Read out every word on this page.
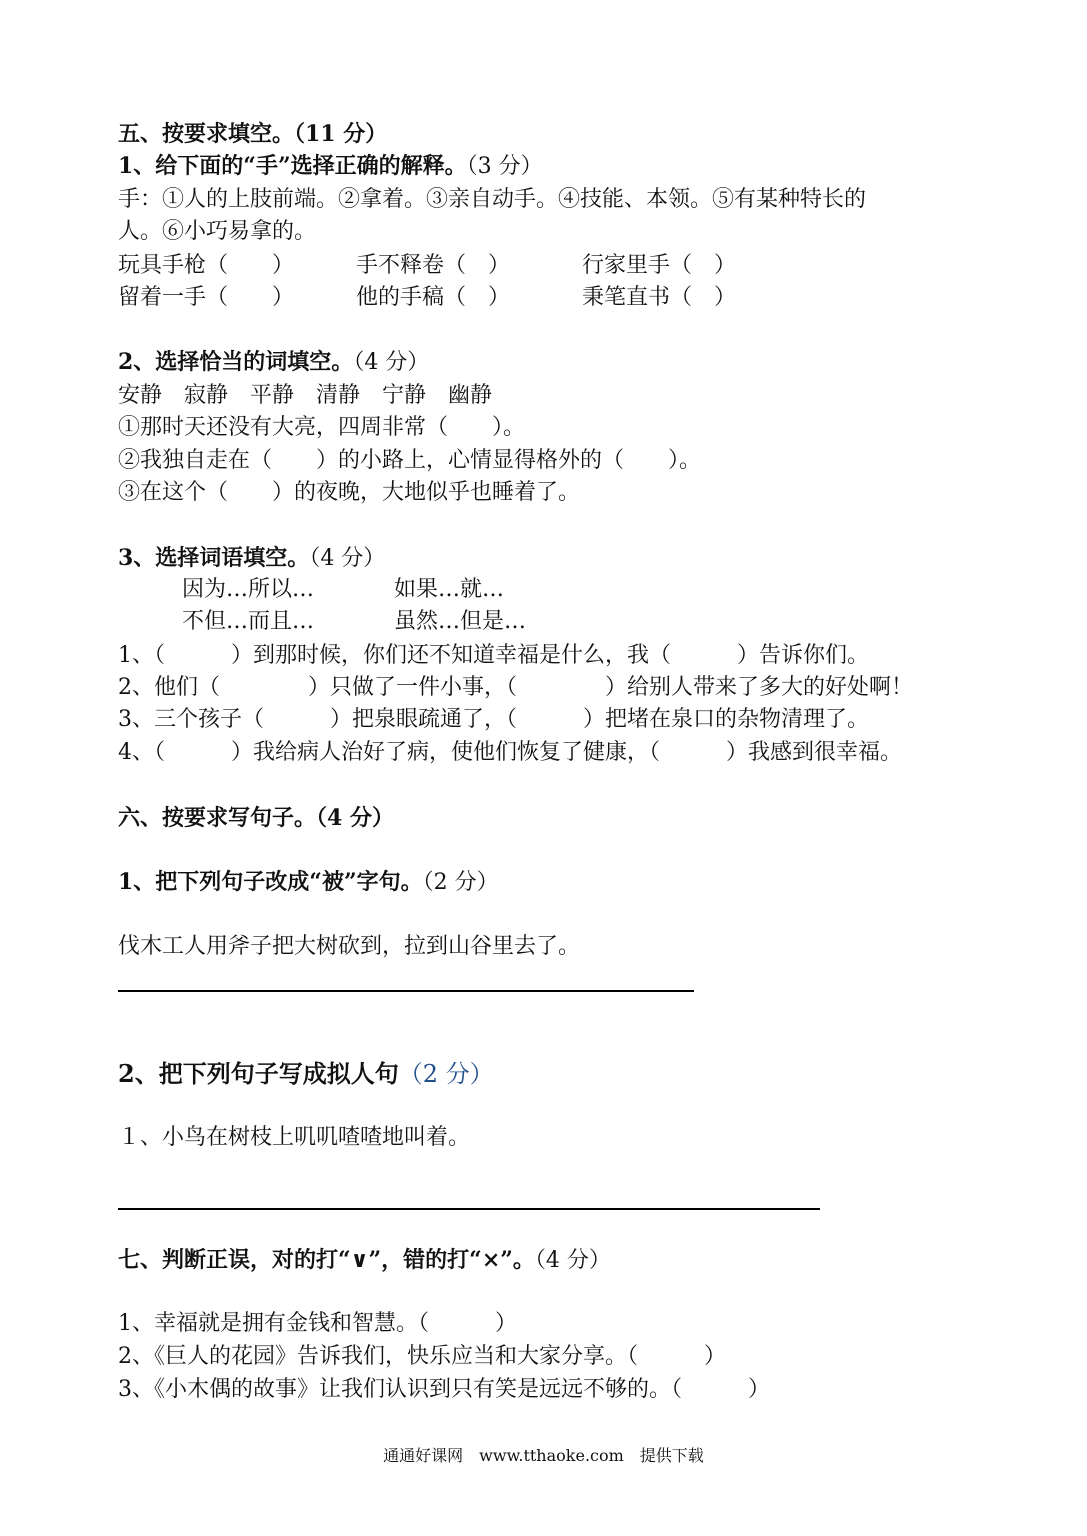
五、按要求填空。（11 分）
1、给下面的“手”选择正确的解释。（3 分）
手：①人的上肢前端。②拿着。③亲自动手。④技能、本领。⑤有某种特长的
人。⑥小巧易拿的。
玩具手枪（　　）	手不释卷（　）	行家里手（　）
留着一手（　　）	他的手稿（　）	秉笔直书（　）
2、选择恰当的词填空。（4 分）
安静　寂静　平静　清静　宁静　幽静
①那时天还没有大亮，四周非常（　　）。
②我独自走在（　　）的小路上，心情显得格外的（　　）。
③在这个（　　）的夜晚，大地似乎也睡着了。
3、选择词语填空。（4 分）
因为…所以…	如果…就…
不但…而且…	虽然…但是…
1、（　　　）到那时候，你们还不知道幸福是什么，我（　　　）告诉你们。
2、他们（　　　　）只做了一件小事，（　　　　）给别人带来了多大的好处啊！
3、三个孩子（　　　）把泉眼疏通了，（　　　）把堵在泉口的杂物清理了。
4、（　　　）我给病人治好了病，使他们恢复了健康，（　　　）我感到很幸福。
六、按要求写句子。（4 分）
1、把下列句子改成“被”字句。（2 分）
伐木工人用斧子把大树砍到，拉到山谷里去了。
2、把下列句子写成拟人句（2 分）
１、小鸟在树枝上叽叽喳喳地叫着。
七、判断正误，对的打“∨”，错的打“×”。（4 分）
1、幸福就是拥有金钱和智慧。（　　　）
2、《巨人的花园》告诉我们，快乐应当和大家分享。（　　　）
3、《小木偶的故事》让我们认识到只有笑是远远不够的。（　　　）
通通好课网　www.tthaoke.com　提供下载
